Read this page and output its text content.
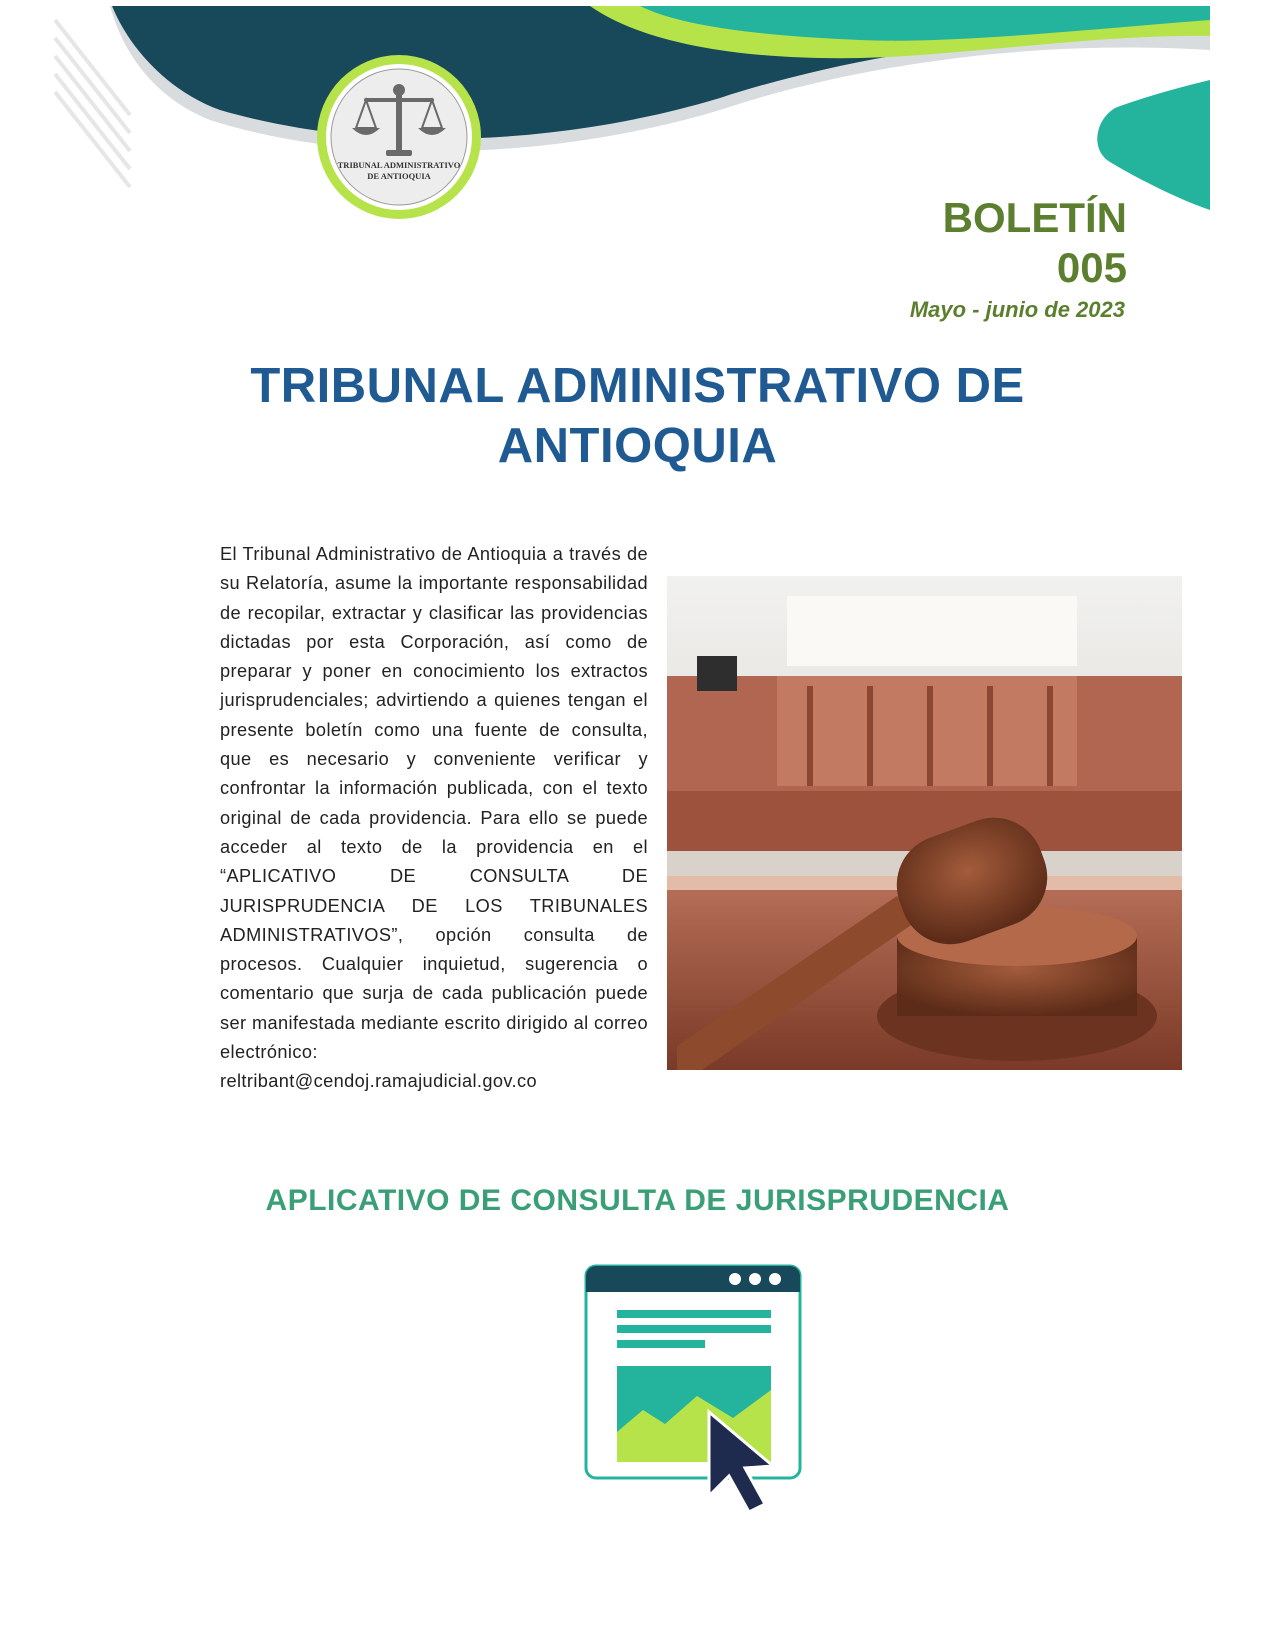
TRIBUNAL ADMINISTRATIVO
DE ANTIOQUIA
BOLETÍN
005
Mayo - junio de 2023
TRIBUNAL ADMINISTRATIVO DE
ANTIOQUIA

El Tribunal Administrativo de Antioquia a través de su Relatoría, asume la importante responsabilidad de recopilar, extractar y clasificar las providencias dictadas por esta Corporación, así como de preparar y poner en conocimiento los extractos jurisprudenciales; advirtiendo a quienes tengan el presente boletín como una fuente de consulta, que es necesario y conveniente verificar y confrontar la información publicada, con el texto original de cada providencia. Para ello se puede acceder al texto de la providencia en el “APLICATIVO DE CONSULTA DE JURISPRUDENCIA DE LOS TRIBUNALES ADMINISTRATIVOS”, opción consulta de procesos. Cualquier inquietud, sugerencia o comentario que surja de cada publicación puede ser manifestada mediante escrito dirigido al correo electrónico:

reltribant@cendoj.ramajudicial.gov.co

APLICATIVO DE CONSULTA DE JURISPRUDENCIA
